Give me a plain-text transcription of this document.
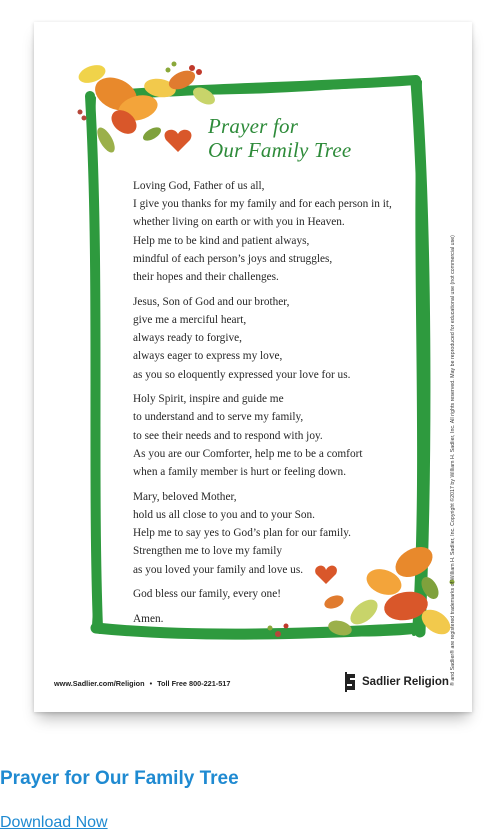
Prayer for
Our Family Tree
Loving God, Father of us all,
I give you thanks for my family and for each person in it,
whether living on earth or with you in Heaven.
Help me to be kind and patient always,
mindful of each person’s joys and struggles,
their hopes and their challenges.
Jesus, Son of God and our brother,
give me a merciful heart,
always ready to forgive,
always eager to express my love,
as you so eloquently expressed your love for us.
Holy Spirit, inspire and guide me
to understand and to serve my family,
to see their needs and to respond with joy.
As you are our Comforter, help me to be a comfort
when a family member is hurt or feeling down.
Mary, beloved Mother,
hold us all close to you and to your Son.
Help me to say yes to God’s plan for our family.
Strengthen me to love my family
as you loved your family and love us.
God bless our family, every one!
Amen.	® and Sadlier® are registered trademarks of William H. Sadlier, Inc. Copyright ©2017 by William H. Sadlier, Inc. All rights reserved. May be reproduced for educational use (not commercial use)
www.Sadlier.com/Religion • Toll Free 800-221-517	Sadlier Religion
Prayer for Our Family Tree
Download Now
